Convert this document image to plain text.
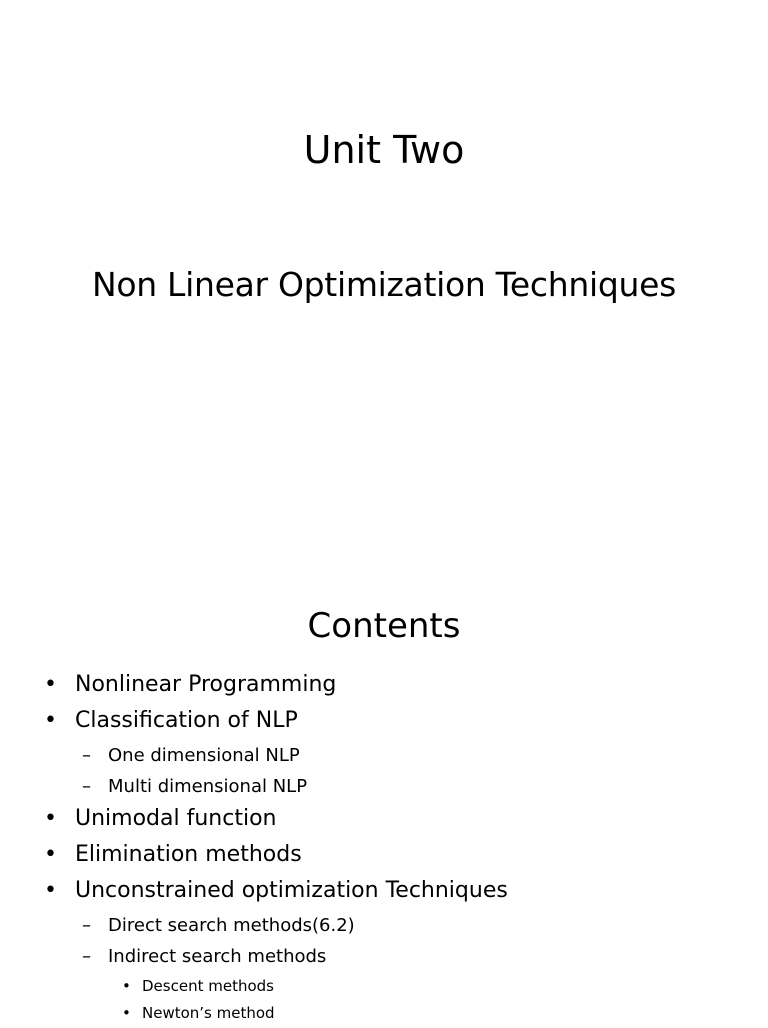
Unit Two
Non Linear Optimization Techniques
Contents
• Nonlinear Programming
• Classification of NLP
– One dimensional NLP
– Multi dimensional NLP
• Unimodal function
• Elimination methods
• Unconstrained optimization Techniques
– Direct search methods(6.2)
– Indirect search methods
• Descent methods
• Newton’s method
